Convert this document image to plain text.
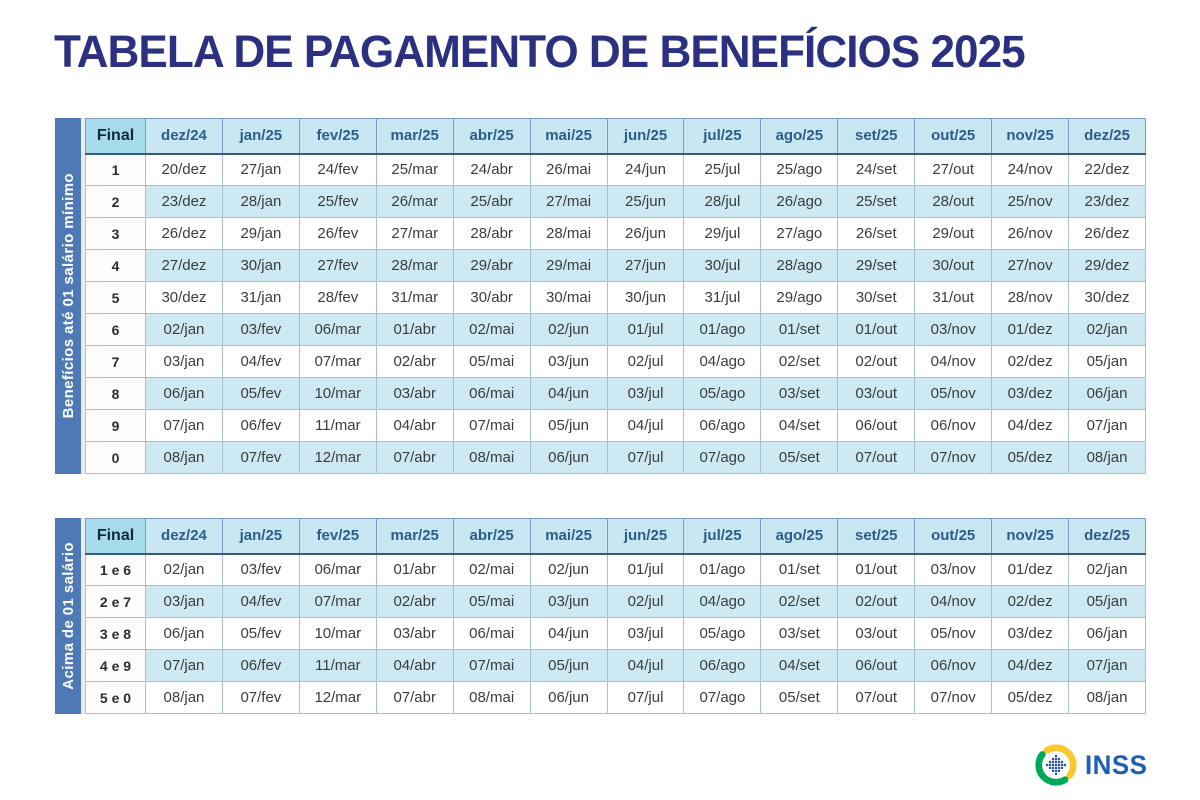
TABELA DE PAGAMENTO DE BENEFÍCIOS 2025
Benefícios até 01 salário mínimo
Final	dez/24	jan/25	fev/25	mar/25	abr/25	mai/25	jun/25	jul/25	ago/25	set/25	out/25	nov/25	dez/25
1	20/dez	27/jan	24/fev	25/mar	24/abr	26/mai	24/jun	25/jul	25/ago	24/set	27/out	24/nov	22/dez
2	23/dez	28/jan	25/fev	26/mar	25/abr	27/mai	25/jun	28/jul	26/ago	25/set	28/out	25/nov	23/dez
3	26/dez	29/jan	26/fev	27/mar	28/abr	28/mai	26/jun	29/jul	27/ago	26/set	29/out	26/nov	26/dez
4	27/dez	30/jan	27/fev	28/mar	29/abr	29/mai	27/jun	30/jul	28/ago	29/set	30/out	27/nov	29/dez
5	30/dez	31/jan	28/fev	31/mar	30/abr	30/mai	30/jun	31/jul	29/ago	30/set	31/out	28/nov	30/dez
6	02/jan	03/fev	06/mar	01/abr	02/mai	02/jun	01/jul	01/ago	01/set	01/out	03/nov	01/dez	02/jan
7	03/jan	04/fev	07/mar	02/abr	05/mai	03/jun	02/jul	04/ago	02/set	02/out	04/nov	02/dez	05/jan
8	06/jan	05/fev	10/mar	03/abr	06/mai	04/jun	03/jul	05/ago	03/set	03/out	05/nov	03/dez	06/jan
9	07/jan	06/fev	11/mar	04/abr	07/mai	05/jun	04/jul	06/ago	04/set	06/out	06/nov	04/dez	07/jan
0	08/jan	07/fev	12/mar	07/abr	08/mai	06/jun	07/jul	07/ago	05/set	07/out	07/nov	05/dez	08/jan
Acima de 01 salário
Final	dez/24	jan/25	fev/25	mar/25	abr/25	mai/25	jun/25	jul/25	ago/25	set/25	out/25	nov/25	dez/25
1 e 6	02/jan	03/fev	06/mar	01/abr	02/mai	02/jun	01/jul	01/ago	01/set	01/out	03/nov	01/dez	02/jan
2 e 7	03/jan	04/fev	07/mar	02/abr	05/mai	03/jun	02/jul	04/ago	02/set	02/out	04/nov	02/dez	05/jan
3 e 8	06/jan	05/fev	10/mar	03/abr	06/mai	04/jun	03/jul	05/ago	03/set	03/out	05/nov	03/dez	06/jan
4 e 9	07/jan	06/fev	11/mar	04/abr	07/mai	05/jun	04/jul	06/ago	04/set	06/out	06/nov	04/dez	07/jan
5 e 0	08/jan	07/fev	12/mar	07/abr	08/mai	06/jun	07/jul	07/ago	05/set	07/out	07/nov	05/dez	08/jan
INSS
